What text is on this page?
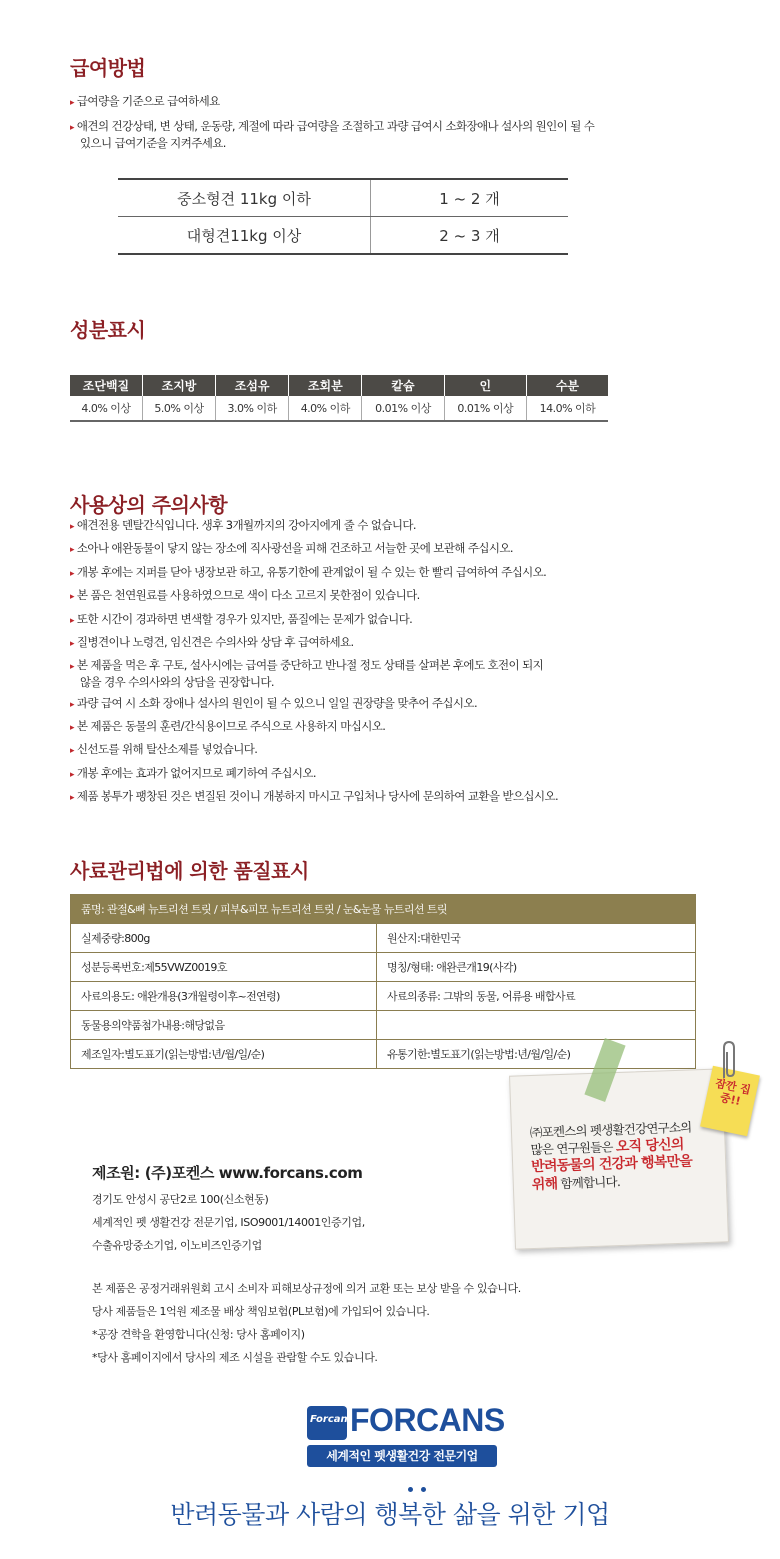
급여방법
▸ 급여량을 기준으로 급여하세요
▸ 애견의 건강상태, 변 상태, 운동량, 계절에 따라 급여량을 조절하고 과량 급여시 소화장애나 설사의 원인이 될 수
있으니 급여기준을 지켜주세요.
중소형견 11kg 이하	1 ~ 2 개
대형견11kg 이상	2 ~ 3 개
성분표시
조단백질	조지방	조섬유	조회분	칼슘	인	수분
4.0% 이상	5.0% 이상	3.0% 이하	4.0% 이하	0.01% 이상	0.01% 이상	14.0% 이하
사용상의 주의사항
▸ 애견전용 덴탈간식입니다. 생후 3개월까지의 강아지에게 줄 수 없습니다.
▸ 소아나 애완동물이 닿지 않는 장소에 직사광선을 피해 건조하고 서늘한 곳에 보관해 주십시오.
▸ 개봉 후에는 지퍼를 닫아 냉장보관 하고, 유통기한에 관계없이 될 수 있는 한 빨리 급여하여 주십시오.
▸ 본 품은 천연원료를 사용하였으므로 색이 다소 고르지 못한점이 있습니다.
▸ 또한 시간이 경과하면 변색할 경우가 있지만, 품질에는 문제가 없습니다.
▸ 질병견이나 노령견, 임신견은 수의사와 상담 후 급여하세요.
▸ 본 제품을 먹은 후 구토, 설사시에는 급여를 중단하고 반나절 정도 상태를 살펴본 후에도 호전이 되지
않을 경우 수의사와의 상담을 권장합니다.
▸ 과량 급여 시 소화 장애나 설사의 원인이 될 수 있으니 일일 권장량을 맞추어 주십시오.
▸ 본 제품은 동물의 훈련/간식용이므로 주식으로 사용하지 마십시오.
▸ 신선도를 위해 탈산소제를 넣었습니다.
▸ 개봉 후에는 효과가 없어지므로 폐기하여 주십시오.
▸ 제품 봉투가 팽창된 것은 변질된 것이니 개봉하지 마시고 구입처나 당사에 문의하여 교환을 받으십시오.
사료관리법에 의한 품질표시
품명: 관절&뼈 뉴트리션 트릿 / 피부&피모 뉴트리션 트릿 / 눈&눈물 뉴트리션 트릿	
실제중량:800g	원산지:대한민국
성분등록번호:제55VWZ0019호	명칭/형태: 애완큰개19(사각)
사료의용도: 애완개용(3개월령이후~전연령)	사료의종류: 그밖의 동물, 어류용 배합사료
동물용의약품첨가내용:해당없음	
제조일자:별도표기(읽는방법:년/월/일/순)	유통기한:별도표기(읽는방법:년/월/일/순)
㈜포켄스의 펫생활건강연구소의
많은 연구원들은 오직 당신의
반려동물의 건강과 행복만을
위해 함께합니다.
잠깐 집중!!
제조원: (주)포켄스 www.forcans.com
경기도 안성시 공단2로 100(신소현동)
세계적인 펫 생활건강 전문기업, ISO9001/14001인증기업,
수출유망중소기업, 이노비즈인증기업
본 제품은 공정거래위원회 고시 소비자 피해보상규정에 의거 교환 또는 보상 받을 수 있습니다.
당사 제품들은 1억원 제조물 배상 책임보험(PL보험)에 가입되어 있습니다.
*공장 견학을 환영합니다(신청: 당사 홈페이지)
*당사 홈페이지에서 당사의 제조 시설을 관람할 수도 있습니다.
Forcans
FORCANS
세계적인 펫생활건강 전문기업
반려동물과 사람의 행복한 삶을 위한 기업
